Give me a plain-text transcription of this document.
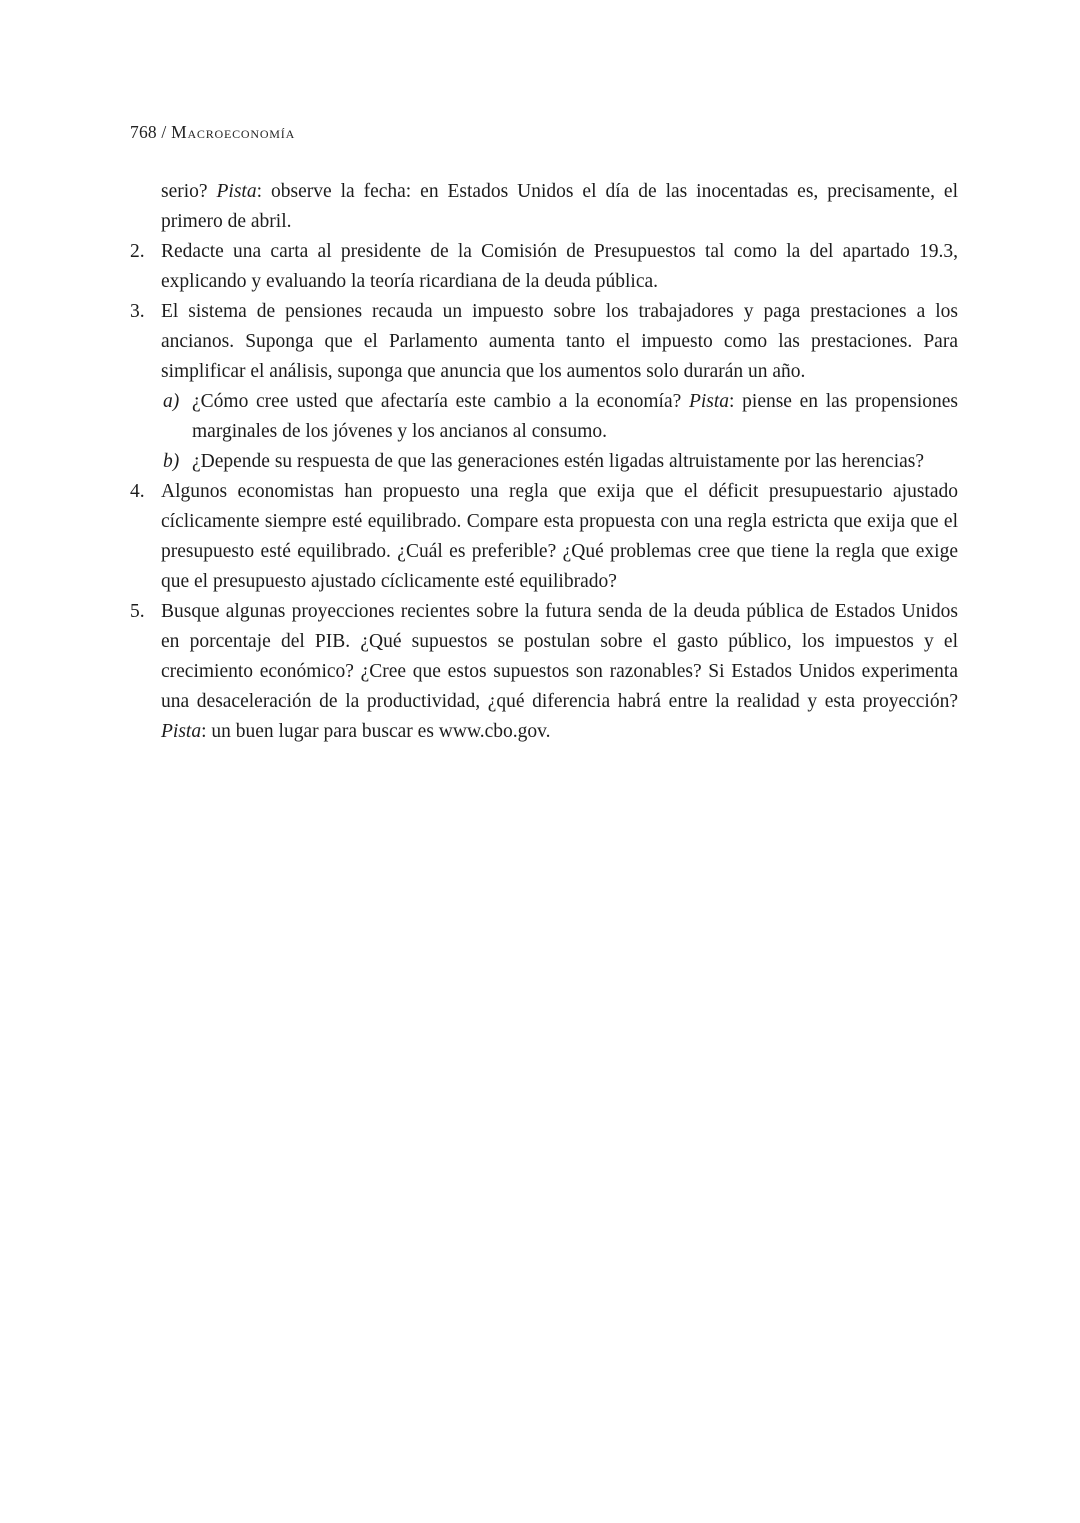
768 / Macroeconomía
serio? Pista: observe la fecha: en Estados Unidos el día de las inocentadas es, precisamente, el primero de abril.
2. Redacte una carta al presidente de la Comisión de Presupuestos tal como la del apartado 19.3, explicando y evaluando la teoría ricardiana de la deuda pública.
3. El sistema de pensiones recauda un impuesto sobre los trabajadores y paga prestaciones a los ancianos. Suponga que el Parlamento aumenta tanto el impuesto como las prestaciones. Para simplificar el análisis, suponga que anuncia que los aumentos solo durarán un año.
a) ¿Cómo cree usted que afectaría este cambio a la economía? Pista: piense en las propensiones marginales de los jóvenes y los ancianos al consumo.
b) ¿Depende su respuesta de que las generaciones estén ligadas altruistamente por las herencias?
4. Algunos economistas han propuesto una regla que exija que el déficit presupuestario ajustado cíclicamente siempre esté equilibrado. Compare esta propuesta con una regla estricta que exija que el presupuesto esté equilibrado. ¿Cuál es preferible? ¿Qué problemas cree que tiene la regla que exige que el presupuesto ajustado cíclicamente esté equilibrado?
5. Busque algunas proyecciones recientes sobre la futura senda de la deuda pública de Estados Unidos en porcentaje del PIB. ¿Qué supuestos se postulan sobre el gasto público, los impuestos y el crecimiento económico? ¿Cree que estos supuestos son razonables? Si Estados Unidos experimenta una desaceleración de la productividad, ¿qué diferencia habrá entre la realidad y esta proyección? Pista: un buen lugar para buscar es www.cbo.gov.
